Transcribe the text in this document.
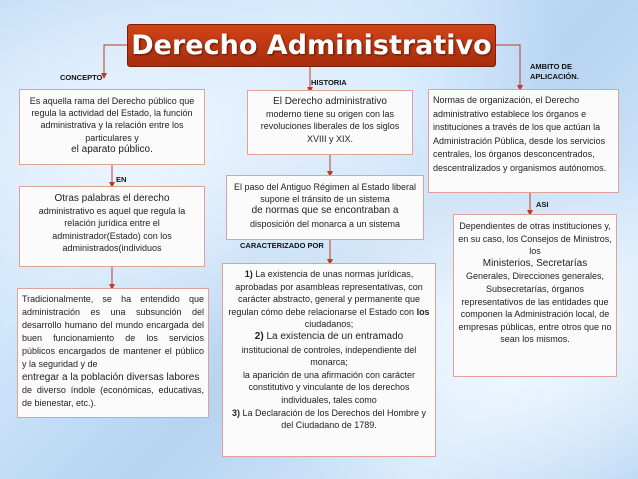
Derecho Administrativo
CONCEPTO
HISTORIA
AMBITO DE
APLICACIÓN.
EN
ASI
CARACTERIZADO POR
Es aquella rama del Derecho público que regula la actividad del Estado, la función administrativa y la relación entre los particulares y
el aparato público.
Otras palabras el derecho
administrativo es aquel que regula la relación jurídica entre el administrador(Estado) con los administrados(individuos
Tradicionalmente, se ha entendido que administración es una subsunción del desarrollo humano del mundo encargada del buen funcionamiento de los servicios públicos encargados de mantener el público y la seguridad y de
entregar a la población diversas labores
de diverso índole (económicas, educativas, de bienestar, etc.).
El Derecho administrativo
moderno tiene su origen con las revoluciones liberales de los siglos XVIII y XIX.
El paso del Antiguo Régimen al Estado liberal supone el tránsito de un sistema
de normas que se encontraban a
disposición del monarca a un sistema
1) La existencia de unas normas jurídicas, aprobadas por asambleas representativas, con carácter abstracto, general y permanente que regulan cómo debe relacionarse el Estado con los ciudadanos;
2) La existencia de un entramado
institucional de controles, independiente del monarca;
la aparición de una afirmación con carácter constitutivo y vinculante de los derechos individuales, tales como
3) La Declaración de los Derechos del Hombre y del Ciudadano de 1789.
Normas de organización, el Derecho administrativo establece los órganos e instituciones a través de los que actúan la Administración Pública, desde los servicios centrales, los órganos desconcentrados, descentralizados y organismos autónomos.
Dependientes de otras instituciones y, en su caso, los Consejos de Ministros, los
Ministerios, Secretarías
Generales, Direcciones generales, Subsecretarías, órganos representativos de las entidades que componen la Administración local, de empresas públicas, entre otros que no sean los mismos.
